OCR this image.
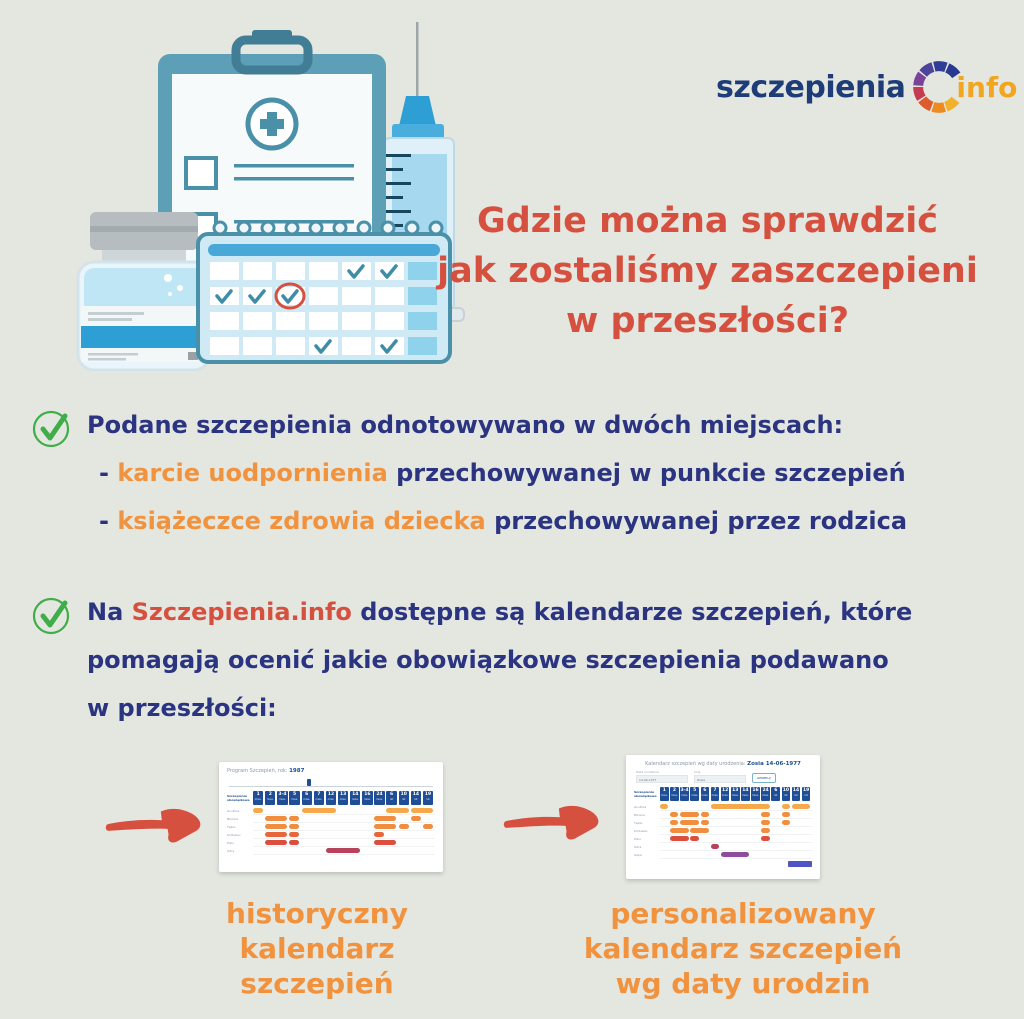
szczepienia info
Gdzie można sprawdzić
jak zostaliśmy zaszczepieni
w przeszłości?

Podane szczepienia odnotowywano w dwóch miejscach:

- karcie uodpornienia przechowywanej w punkcie szczepień

- książeczce zdrowia dziecka przechowywanej przez rodzica

Na Szczepienia.info dostępne są kalendarze szczepień, które

pomagają ocenić jakie obowiązkowe szczepienia podawano

w przeszłości:

Program Szczepień, rok: 1987
Szczepienia obowiązkowe
1
mies.
2
mies.
3-4
mies.
5
mies.
6
mies.
7
mies.
12
mies.
13
mies.
14
mies.
16
mies.
24
mies.
6
lat
10
lat
14
lat
19
lat
Gruźlica
Błonica
Tężec
Krztusiec
Polio
Odra
Kalendarz szczepień wg daty urodzenia: Zosia 14-06-1977
Data urodzenia
14-06-1977
Imię
Zosia	GENERUJ
Szczepienia obowiązkowe
1
mies.
2
mies.
3-4
mies.
5
mies.
6
mies.
7
mies.
12
mies.
13
mies.
14
mies.
16
mies.
24
mies.
6
lat
10
lat
14
lat
19
lat
Gruźlica
Błonica
Tężec
Krztusiec
Polio
Odra
Ospa
historyczny
kalendarz
szczepień
personalizowany
kalendarz szczepień
wg daty urodzin
